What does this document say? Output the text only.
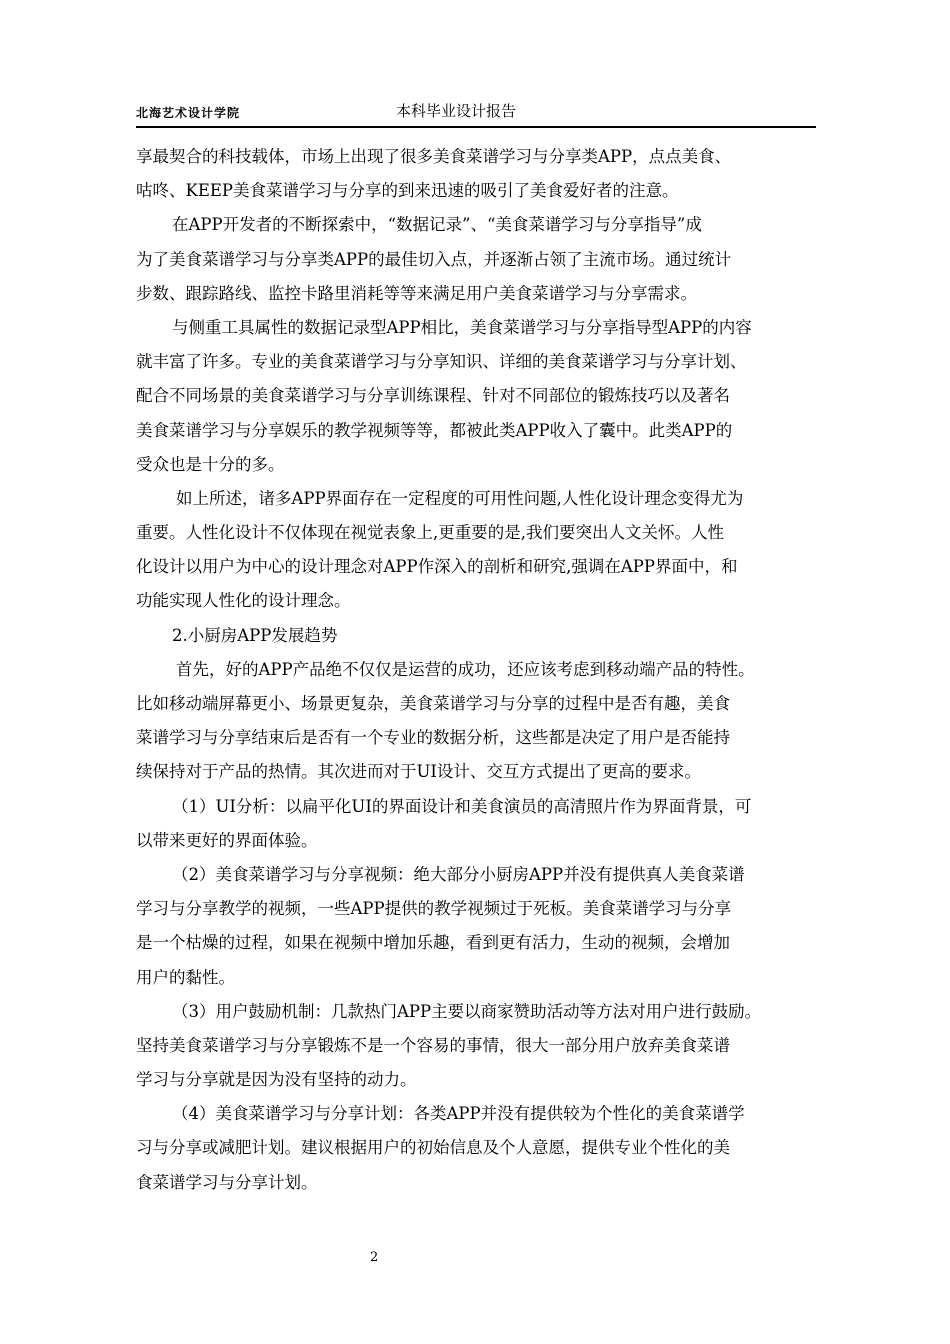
北海艺术设计学院	本科毕业设计报告
享最契合的科技载体，市场上出现了很多美食菜谱学习与分享类APP，点点美食、
咕咚、KEEP美食菜谱学习与分享的到来迅速的吸引了美食爱好者的注意。
在APP开发者的不断探索中，“数据记录”、“美食菜谱学习与分享指导”成
为了美食菜谱学习与分享类APP的最佳切入点，并逐渐占领了主流市场。通过统计
步数、跟踪路线、监控卡路里消耗等等来满足用户美食菜谱学习与分享需求。
与侧重工具属性的数据记录型APP相比，美食菜谱学习与分享指导型APP的内容
就丰富了许多。专业的美食菜谱学习与分享知识、详细的美食菜谱学习与分享计划、
配合不同场景的美食菜谱学习与分享训练课程、针对不同部位的锻炼技巧以及著名
美食菜谱学习与分享娱乐的教学视频等等，都被此类APP收入了囊中。此类APP的
受众也是十分的多。
如上所述，诸多APP界面存在一定程度的可用性问题,人性化设计理念变得尤为
重要。人性化设计不仅体现在视觉表象上,更重要的是,我们要突出人文关怀。人性
化设计以用户为中心的设计理念对APP作深入的剖析和研究,强调在APP界面中，和
功能实现人性化的设计理念。
2.小厨房APP发展趋势
首先，好的APP产品绝不仅仅是运营的成功，还应该考虑到移动端产品的特性。
比如移动端屏幕更小、场景更复杂，美食菜谱学习与分享的过程中是否有趣，美食
菜谱学习与分享结束后是否有一个专业的数据分析，这些都是决定了用户是否能持
续保持对于产品的热情。其次进而对于UI设计、交互方式提出了更高的要求。
（1）UI分析：以扁平化UI的界面设计和美食演员的高清照片作为界面背景，可
以带来更好的界面体验。
（2）美食菜谱学习与分享视频：绝大部分小厨房APP并没有提供真人美食菜谱
学习与分享教学的视频，一些APP提供的教学视频过于死板。美食菜谱学习与分享
是一个枯燥的过程，如果在视频中增加乐趣，看到更有活力，生动的视频，会增加
用户的黏性。
（3）用户鼓励机制：几款热门APP主要以商家赞助活动等方法对用户进行鼓励。
坚持美食菜谱学习与分享锻炼不是一个容易的事情，很大一部分用户放弃美食菜谱
学习与分享就是因为没有坚持的动力。
（4）美食菜谱学习与分享计划：各类APP并没有提供较为个性化的美食菜谱学
习与分享或减肥计划。建议根据用户的初始信息及个人意愿，提供专业个性化的美
食菜谱学习与分享计划。
2
